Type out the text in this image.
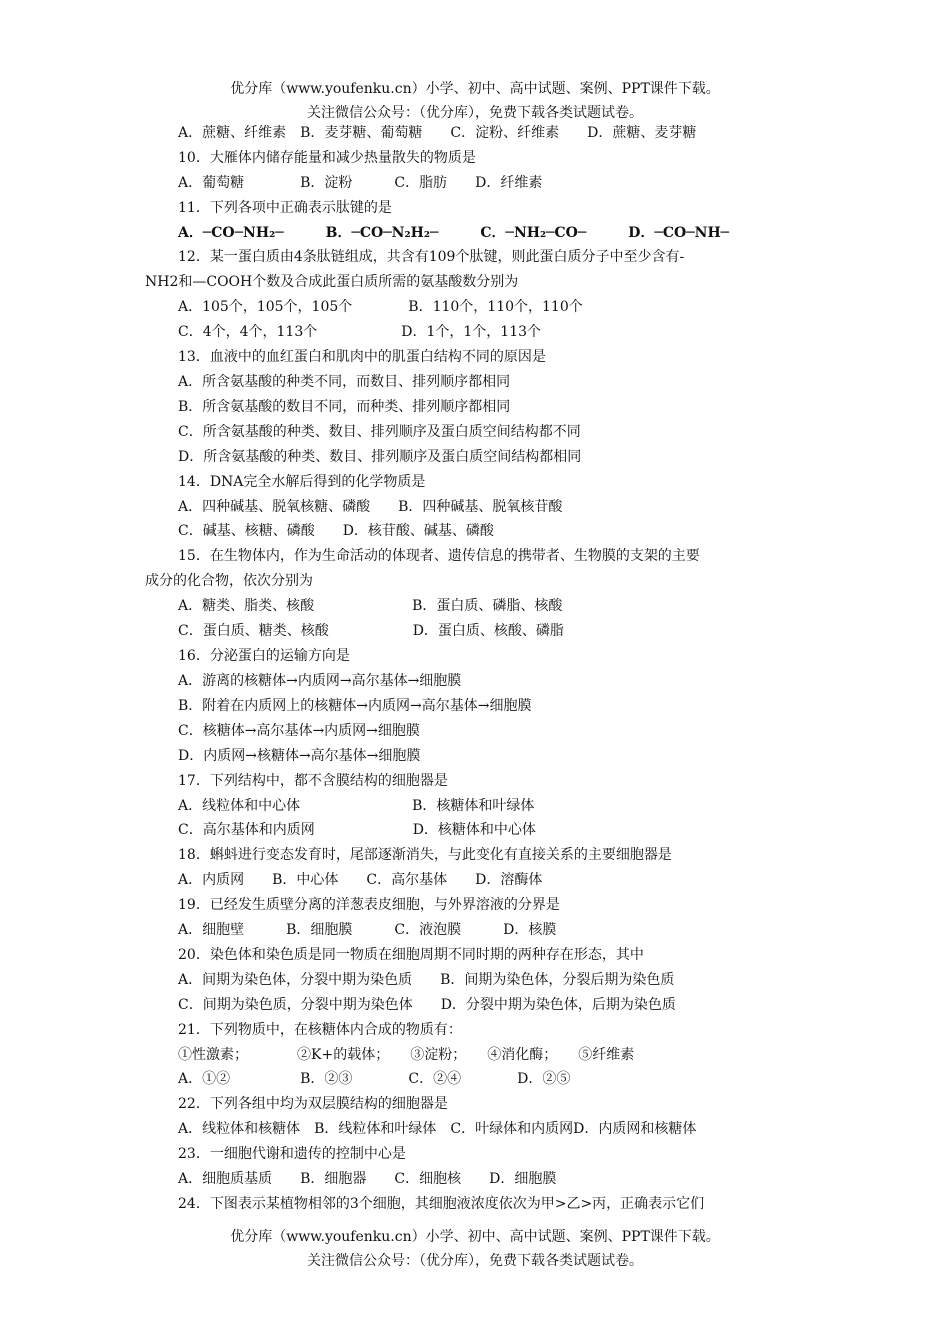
优分库（www.youfenku.cn）小学、初中、高中试题、案例、PPT课件下载。
关注微信公众号：（优分库），免费下载各类试题试卷。
A．蔗糖、纤维素　B．麦芽糖、葡萄糖　　C．淀粉、纤维素　　D．蔗糖、麦芽糖
10．大雁体内储存能量和减少热量散失的物质是
A．葡萄糖　　　　B．淀粉　　　C．脂肪　　D．纤维素
11．下列各项中正确表示肽键的是
A．─CO─NH₂─　　　B．─CO─N₂H₂─　　　C．─NH₂─CO─　　　D．─CO─NH─
12．某一蛋白质由4条肽链组成，共含有109个肽键，则此蛋白质分子中至少含有-
NH2和—COOH个数及合成此蛋白质所需的氨基酸数分别为
A．105个，105个，105个　　　　B．110个，110个，110个
C．4个，4个，113个　　　　　　D．1个，1个，113个
13．血液中的血红蛋白和肌肉中的肌蛋白结构不同的原因是
A．所含氨基酸的种类不同，而数目、排列顺序都相同
B．所含氨基酸的数目不同，而种类、排列顺序都相同
C．所含氨基酸的种类、数目、排列顺序及蛋白质空间结构都不同
D．所含氨基酸的种类、数目、排列顺序及蛋白质空间结构都相同
14．DNA完全水解后得到的化学物质是
A．四种碱基、脱氧核糖、磷酸　　B．四种碱基、脱氧核苷酸
C．碱基、核糖、磷酸　　D．核苷酸、碱基、磷酸
15．在生物体内，作为生命活动的体现者、遗传信息的携带者、生物膜的支架的主要
成分的化合物，依次分别为
A．糖类、脂类、核酸　　　　　　　B．蛋白质、磷脂、核酸
C．蛋白质、糖类、核酸　　　　　　D．蛋白质、核酸、磷脂
16．分泌蛋白的运输方向是
A．游离的核糖体→内质网→高尔基体→细胞膜
B．附着在内质网上的核糖体→内质网→高尔基体→细胞膜
C．核糖体→高尔基体→内质网→细胞膜
D．内质网→核糖体→高尔基体→细胞膜
17．下列结构中，都不含膜结构的细胞器是
A．线粒体和中心体　　　　　　　　B．核糖体和叶绿体
C．高尔基体和内质网　　　　　　　D．核糖体和中心体
18．蝌蚪进行变态发育时，尾部逐渐消失，与此变化有直接关系的主要细胞器是
A．内质网　　B．中心体　　C．高尔基体　　D．溶酶体
19．已经发生质壁分离的洋葱表皮细胞，与外界溶液的分界是
A．细胞壁　　　B．细胞膜　　　C．液泡膜　　　D．核膜
20．染色体和染色质是同一物质在细胞周期不同时期的两种存在形态，其中
A．间期为染色体，分裂中期为染色质　　B．间期为染色体，分裂后期为染色质
C．间期为染色质，分裂中期为染色体　　D．分裂中期为染色体，后期为染色质
21．下列物质中，在核糖体内合成的物质有：
①性激素；　　　　②K+的载体；　　③淀粉；　　④消化酶；　　⑤纤维素
A．①②　　　　　B．②③　　　　C．②④　　　　D．②⑤
22．下列各组中均为双层膜结构的细胞器是
A．线粒体和核糖体　B．线粒体和叶绿体　C．叶绿体和内质网D．内质网和核糖体
23．一细胞代谢和遗传的控制中心是
A．细胞质基质　　B．细胞器　　C．细胞核　　D．细胞膜
24．下图表示某植物相邻的3个细胞，其细胞液浓度依次为甲>乙>丙，正确表示它们
优分库（www.youfenku.cn）小学、初中、高中试题、案例、PPT课件下载。
关注微信公众号：（优分库），免费下载各类试题试卷。
